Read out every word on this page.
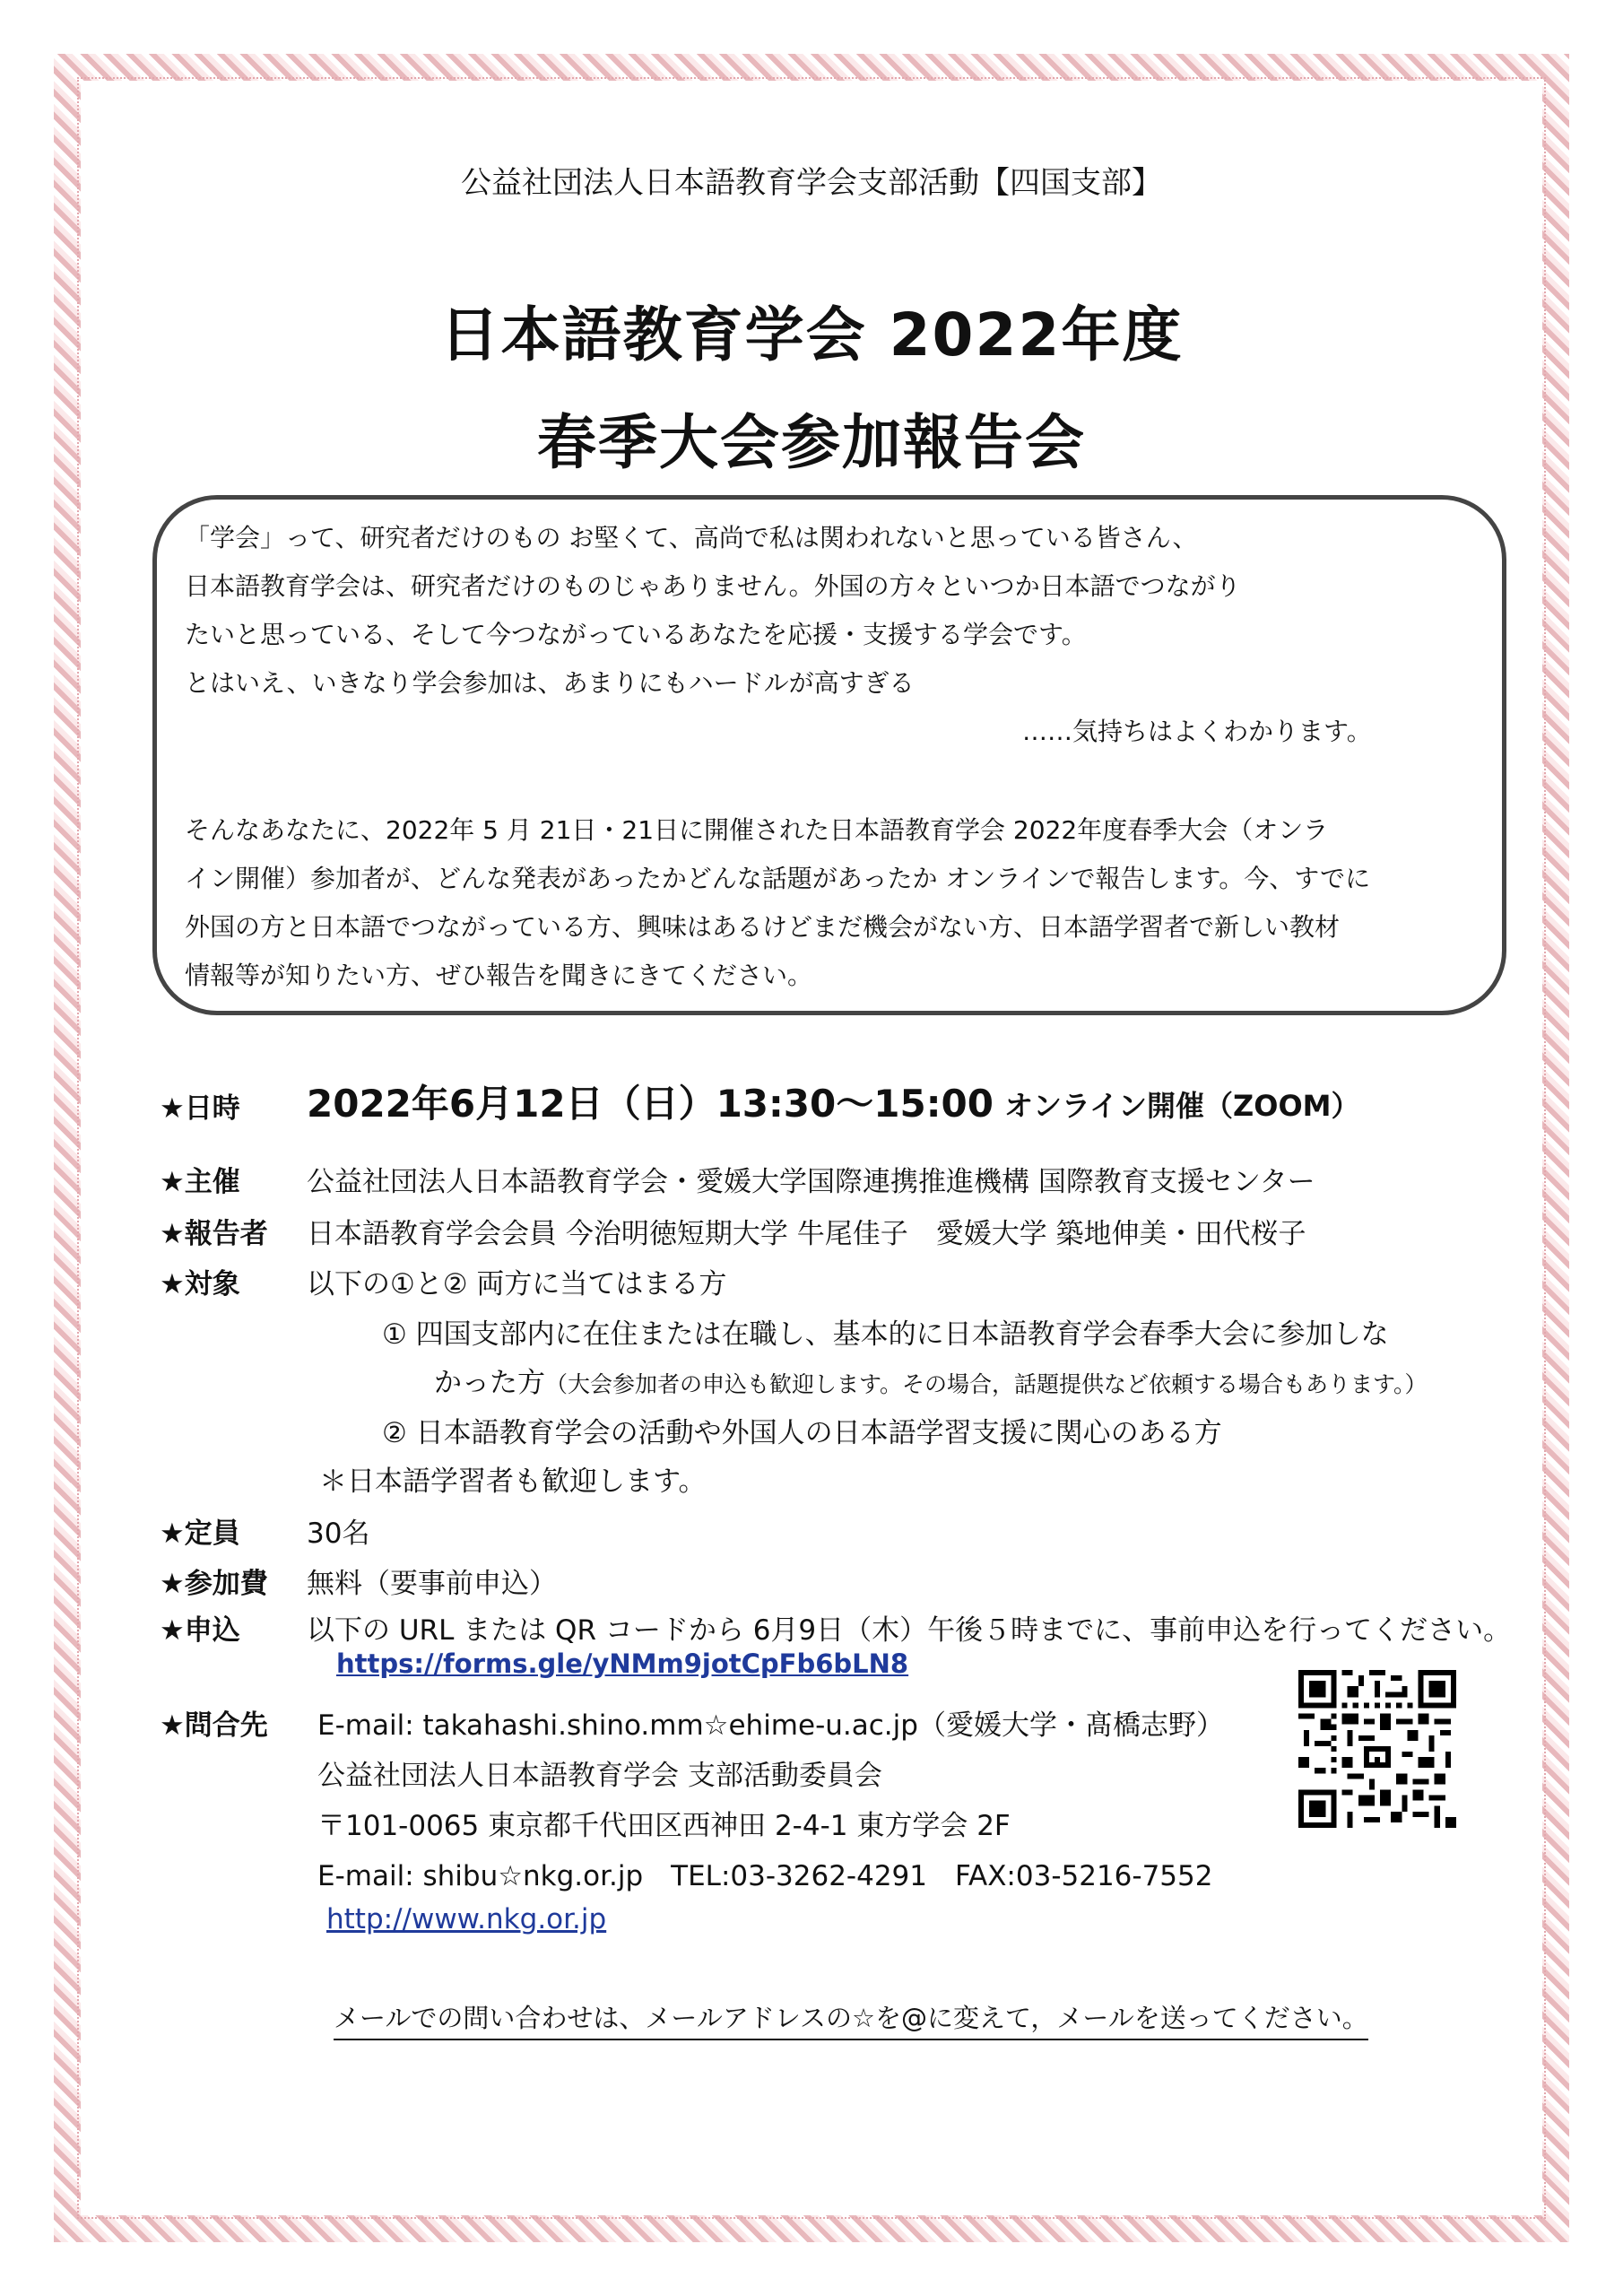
公益社団法人日本語教育学会支部活動【四国支部】
日本語教育学会 2022年度
春季大会参加報告会
「学会」って、研究者だけのもの お堅くて、高尚で私は関われないと思っている皆さん、
日本語教育学会は、研究者だけのものじゃありません。外国の方々といつか日本語でつながり
たいと思っている、そして今つながっているあなたを応援・支援する学会です。
とはいえ、いきなり学会参加は、あまりにもハードルが高すぎる
……気持ちはよくわかります。
そんなあなたに、2022年 5 月 21日・21日に開催された日本語教育学会 2022年度春季大会（オンラ
イン開催）参加者が、どんな発表があったかどんな話題があったか オンラインで報告します。今、すでに
外国の方と日本語でつながっている方、興味はあるけどまだ機会がない方、日本語学習者で新しい教材
情報等が知りたい方、ぜひ報告を聞きにきてください。
★日時 2022年6月12日（日）13:30～15:00 オンライン開催（ZOOM）
★主催 公益社団法人日本語教育学会・愛媛大学国際連携推進機構 国際教育支援センター
★報告者 日本語教育学会会員 今治明徳短期大学 牛尾佳子　愛媛大学 築地伸美・田代桜子
★対象 以下の①と② 両方に当てはまる方
① 四国支部内に在住または在職し、基本的に日本語教育学会春季大会に参加しな
かった方（大会参加者の申込も歓迎します。その場合，話題提供など依頼する場合もあります。）
② 日本語教育学会の活動や外国人の日本語学習支援に関心のある方
＊日本語学習者も歓迎します。
★定員 30名
★参加費 無料（要事前申込）
★申込 以下の URL または QR コードから 6月9日（木）午後５時までに、事前申込を行ってください。
https://forms.gle/yNMm9jotCpFb6bLN8
★問合先 E-mail: takahashi.shino.mm☆ehime-u.ac.jp（愛媛大学・髙橋志野）
公益社団法人日本語教育学会 支部活動委員会
〒101-0065 東京都千代田区西神田 2-4-1 東方学会 2F
E-mail: shibu☆nkg.or.jp　TEL:03-3262-4291　FAX:03-5216-7552
http://www.nkg.or.jp
メールでの問い合わせは、メールアドレスの☆を@に変えて，メールを送ってください。
